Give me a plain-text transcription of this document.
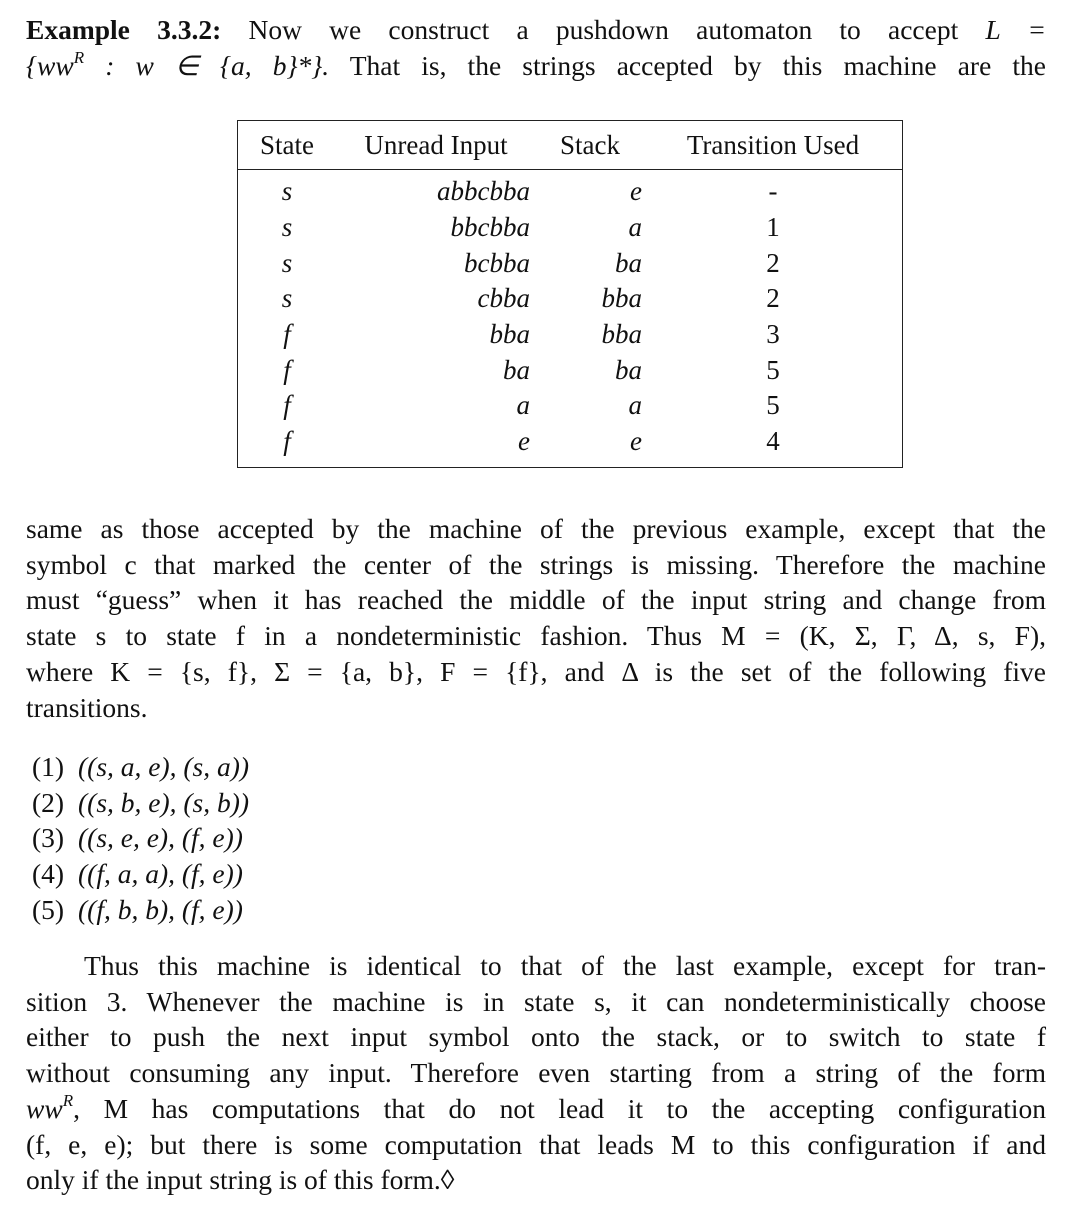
Example 3.3.2: Now we construct a pushdown automaton to accept L =
{$ww^R$ : w ∈ {a, b}*}. That is, the strings accepted by this machine are the
State	Unread Input	Stack	Transition Used
s	abbcbba	e	-
s	bbcbba	a	1
s	bcbba	ba	2
s	cbba	bba	2
f	bba	bba	3
f	ba	ba	5
f	a	a	5
f	e	e	4
same as those accepted by the machine of the previous example, except that the
symbol c that marked the center of the strings is missing. Therefore the machine
must “guess” when it has reached the middle of the input string and change from
state s to state f in a nondeterministic fashion. Thus M = (K, Σ, Γ, Δ, s, F),
where K = {s, f}, Σ = {a, b}, F = {f}, and Δ is the set of the following five
transitions.
(1) ((s, a, e), (s, a))
(2) ((s, b, e), (s, b))
(3) ((s, e, e), (f, e))
(4) ((f, a, a), (f, e))
(5) ((f, b, b), (f, e))
Thus this machine is identical to that of the last example, except for tran-
sition 3. Whenever the machine is in state s, it can nondeterministically choose
either to push the next input symbol onto the stack, or to switch to state f
without consuming any input. Therefore even starting from a string of the form
$ww^R$, M has computations that do not lead it to the accepting configuration
(f, e, e); but there is some computation that leads M to this configuration if and
only if the input string is of this form.◊
